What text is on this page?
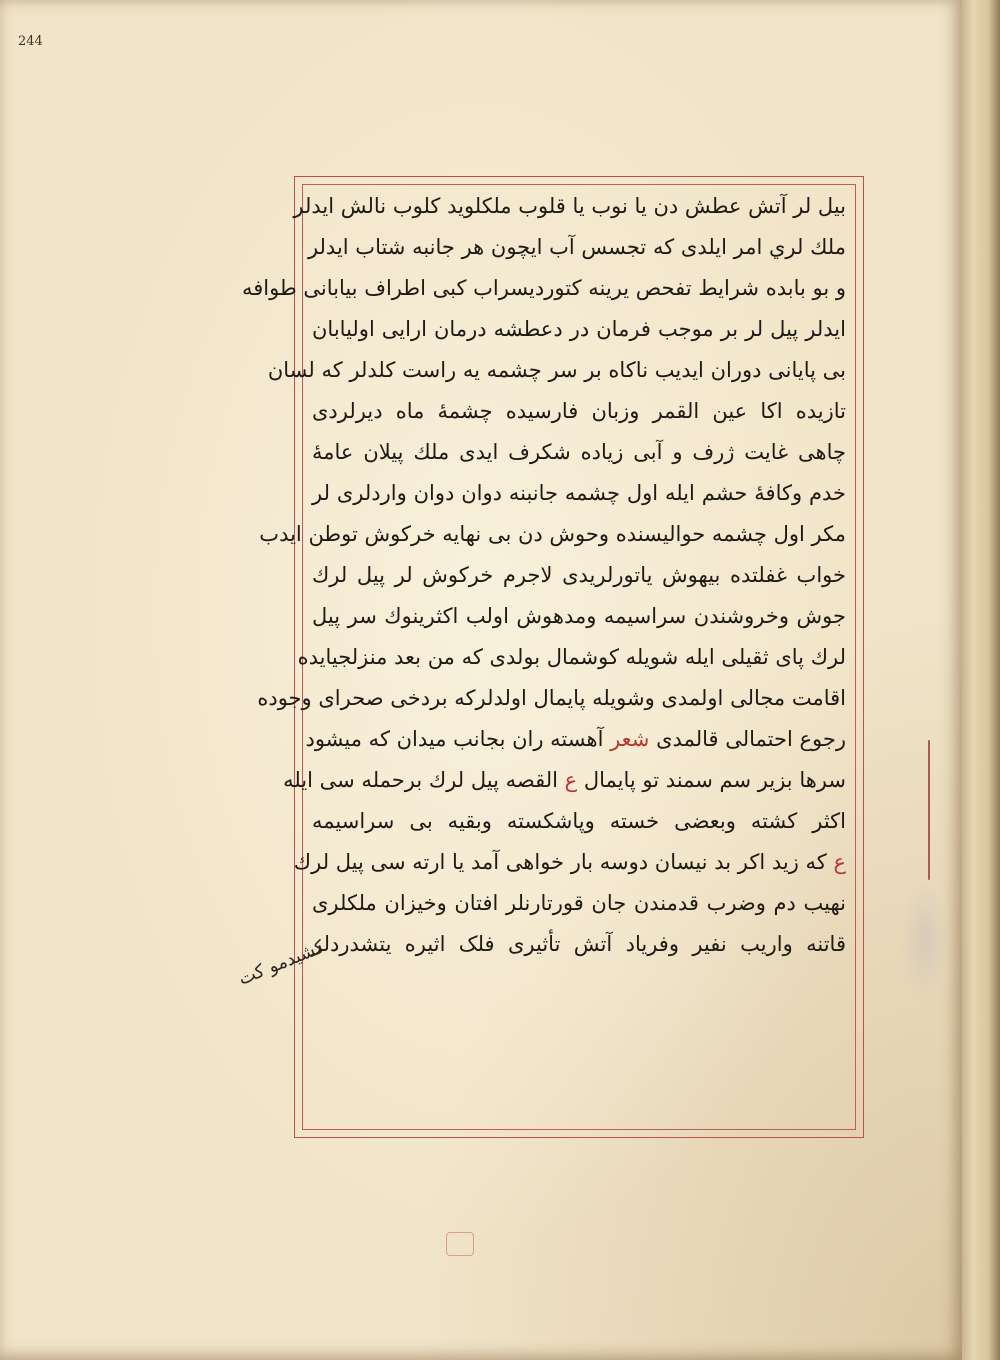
244
بیل لر آتش عطش دن یا نوب یا قلوب ملکلوید کلوب نالش ایدلر
ملك لري امر ایلدی که تجسس آب ایچون هر جانبه شتاب ایدلر
و بو بابده شرایط تفحص یرینه کتوردیسراب کبی اطراف بیابانی طوافه
ایدلر پیل لر بر موجب فرمان در دعطشه درمان ارایی اولیابان
بی پایانی دوران ایدیب ناکاه بر سر چشمه یه راست کلدلر که لسان
تازیده اکا عین القمر وزبان فارسیده چشمهٔ ماه دیرلردی
چاهی غایت ژرف و آبی زیاده شکرف ایدی ملك پیلان عامهٔ
خدم وکافهٔ حشم ایله اول چشمه جانبنه دوان دوان واردلری لر
مکر اول چشمه حوالیسنده وحوش دن بی نهایه خرکوش توطن ایدب
خواب غفلتده بیهوش یاتورلریدی لاجرم خرکوش لر پیل لرك
جوش وخروشندن سراسیمه ومدهوش اولب اکثرینوك سر پیل
لرك پای ثقیلی ایله شویله کوشمال بولدی که من بعد منزلجیایده
اقامت مجالی اولمدی وشویله پایمال اولدلرکه بردخی صحرای وجوده
رجوع احتمالی قالمدی شعر آهسته ران بجانب میدان که میشود
سرها بزیر سم سمند تو پایمال ع القصه پیل لرك برحمله سی ایله
اکثر کشته وبعضی خسته وپاشکسته وبقیه بی سراسیمه
ع که زید اکر بد نیسان دوسه بار خواهی آمد یا ارته سی پیل لرك
نهیب دم وضرب قدمندن جان قورتارنلر افتان وخیزان ملکلری
قاتنه واریب نفیر وفریاد آتش تأثیری فلک اثیره یتشدردلر
کشیدمو کت
